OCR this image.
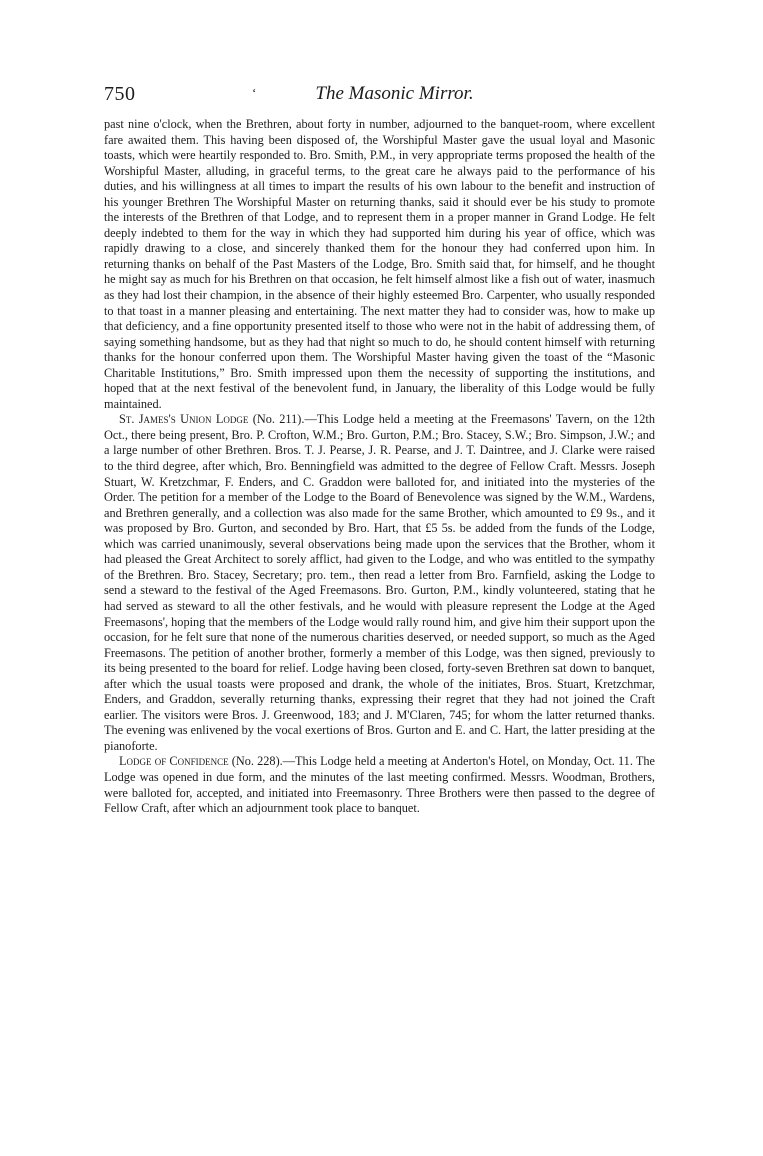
750	‘	The Masonic Mirror.

past nine o'clock, when the Brethren, about forty in number, adjourned to the banquet-room, where excellent fare awaited them. This having been disposed of, the Worshipful Master gave the usual loyal and Masonic toasts, which were heartily responded to. Bro. Smith, P.M., in very appropriate terms proposed the health of the Worshipful Master, alluding, in graceful terms, to the great care he always paid to the performance of his duties, and his willingness at all times to impart the results of his own labour to the benefit and instruction of his younger Brethren The Worshipful Master on returning thanks, said it should ever be his study to promote the interests of the Brethren of that Lodge, and to represent them in a proper manner in Grand Lodge. He felt deeply indebted to them for the way in which they had supported him during his year of office, which was rapidly drawing to a close, and sincerely thanked them for the honour they had conferred upon him. In returning thanks on behalf of the Past Masters of the Lodge, Bro. Smith said that, for himself, and he thought he might say as much for his Brethren on that occasion, he felt himself almost like a fish out of water, inasmuch as they had lost their champion, in the absence of their highly esteemed Bro. Carpenter, who usually responded to that toast in a manner pleasing and entertaining. The next matter they had to consider was, how to make up that deficiency, and a fine opportunity presented itself to those who were not in the habit of addressing them, of saying something handsome, but as they had that night so much to do, he should content himself with returning thanks for the honour conferred upon them. The Worshipful Master having given the toast of the “Masonic Charitable Institutions,” Bro. Smith impressed upon them the necessity of supporting the institutions, and hoped that at the next festival of the benevolent fund, in January, the liberality of this Lodge would be fully maintained.

St. James's Union Lodge (No. 211).—This Lodge held a meeting at the Freemasons' Tavern, on the 12th Oct., there being present, Bro. P. Crofton, W.M.; Bro. Gurton, P.M.; Bro. Stacey, S.W.; Bro. Simpson, J.W.; and a large number of other Brethren. Bros. T. J. Pearse, J. R. Pearse, and J. T. Daintree, and J. Clarke were raised to the third degree, after which, Bro. Benningfield was admitted to the degree of Fellow Craft. Messrs. Joseph Stuart, W. Kretzchmar, F. Enders, and C. Graddon were balloted for, and initiated into the mysteries of the Order. The petition for a member of the Lodge to the Board of Benevolence was signed by the W.M., Wardens, and Brethren generally, and a collection was also made for the same Brother, which amounted to £9 9s., and it was proposed by Bro. Gurton, and seconded by Bro. Hart, that £5 5s. be added from the funds of the Lodge, which was carried unanimously, several observations being made upon the services that the Brother, whom it had pleased the Great Architect to sorely afflict, had given to the Lodge, and who was entitled to the sympathy of the Brethren. Bro. Stacey, Secretary; pro. tem., then read a letter from Bro. Farnfield, asking the Lodge to send a steward to the festival of the Aged Freemasons. Bro. Gurton, P.M., kindly volunteered, stating that he had served as steward to all the other festivals, and he would with pleasure represent the Lodge at the Aged Freemasons', hoping that the members of the Lodge would rally round him, and give him their support upon the occasion, for he felt sure that none of the numerous charities deserved, or needed support, so much as the Aged Freemasons. The petition of another brother, formerly a member of this Lodge, was then signed, previously to its being presented to the board for relief. Lodge having been closed, forty-seven Brethren sat down to banquet, after which the usual toasts were proposed and drank, the whole of the initiates, Bros. Stuart, Kretzchmar, Enders, and Graddon, severally returning thanks, expressing their regret that they had not joined the Craft earlier. The visitors were Bros. J. Greenwood, 183; and J. M'Claren, 745; for whom the latter returned thanks. The evening was enlivened by the vocal exertions of Bros. Gurton and E. and C. Hart, the latter presiding at the pianoforte.

Lodge of Confidence (No. 228).—This Lodge held a meeting at Anderton's Hotel, on Monday, Oct. 11. The Lodge was opened in due form, and the minutes of the last meeting confirmed. Messrs. Woodman, Brothers, were balloted for, accepted, and initiated into Freemasonry. Three Brothers were then passed to the degree of Fellow Craft, after which an adjournment took place to banquet.
